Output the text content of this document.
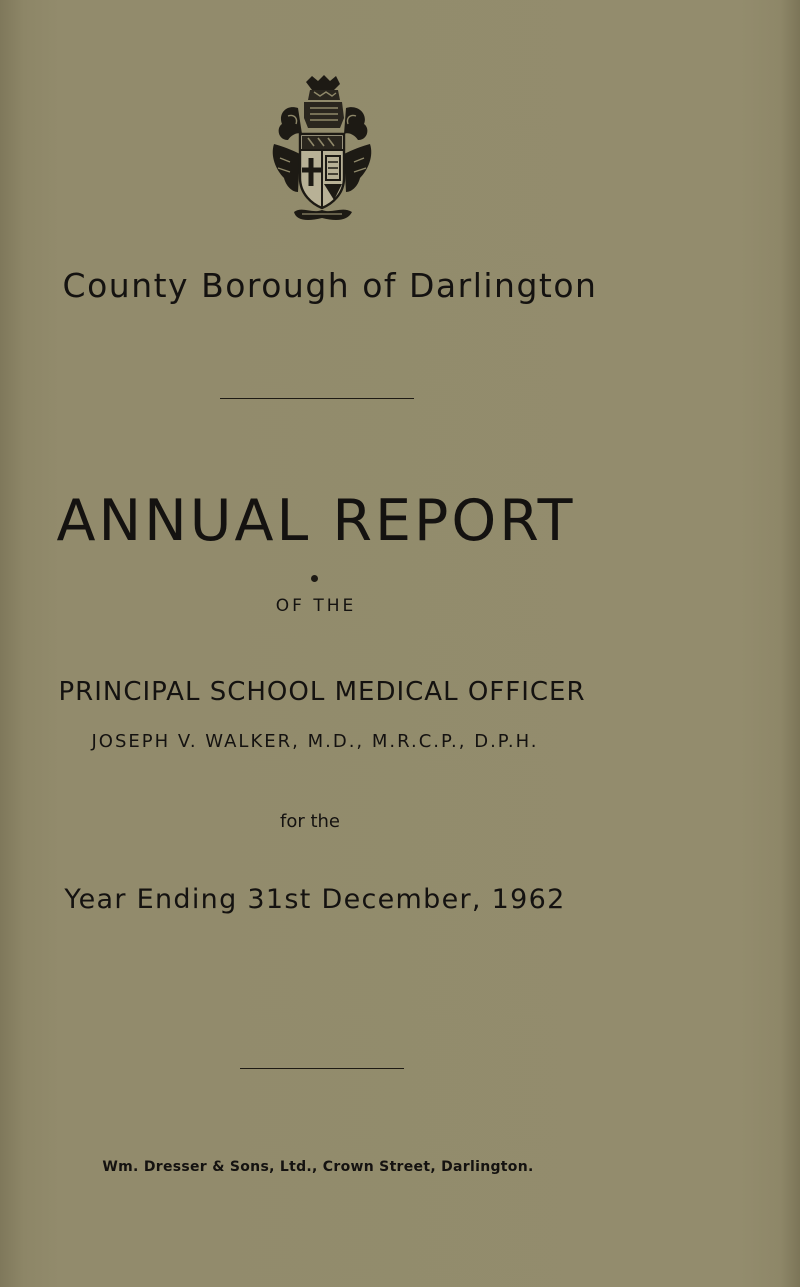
County Borough of Darlington
ANNUAL REPORT
OF THE
PRINCIPAL SCHOOL MEDICAL OFFICER
JOSEPH V. WALKER, M.D., M.R.C.P., D.P.H.
for the
Year Ending 31st December, 1962
Wm. Dresser & Sons, Ltd., Crown Street, Darlington.
